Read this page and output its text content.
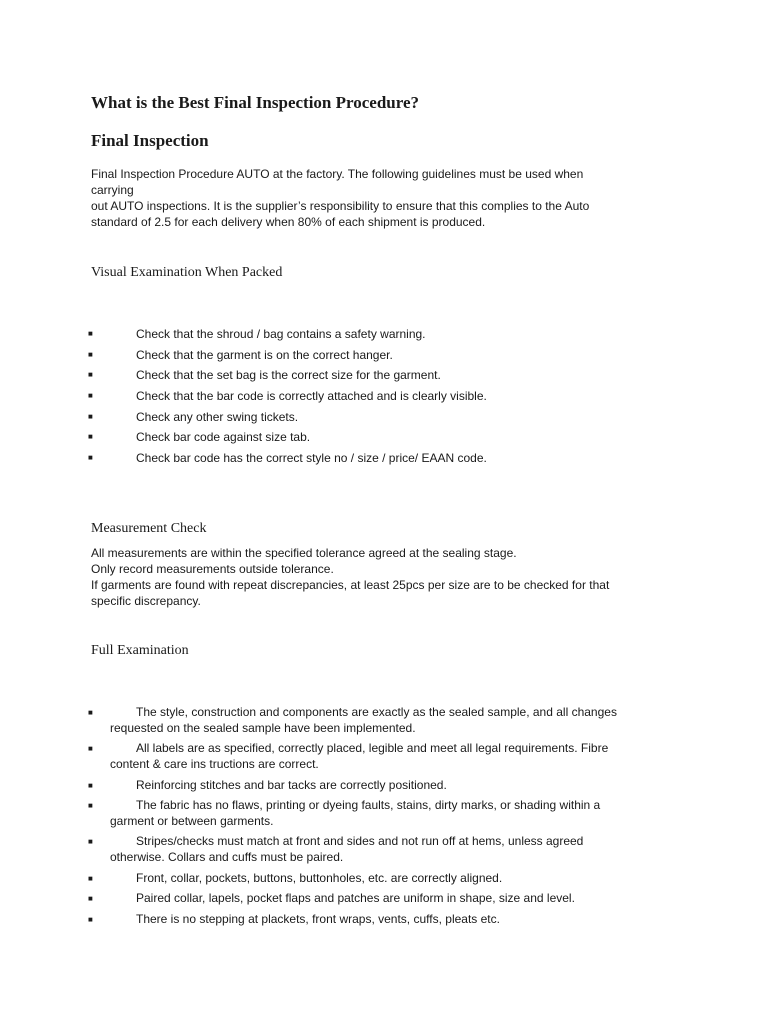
What is the Best Final Inspection Procedure?
Final Inspection
Final Inspection Procedure AUTO at the factory. The following guidelines must be used when
carrying
out AUTO inspections. It is the supplier’s responsibility to ensure that this complies to the Auto
standard of 2.5 for each delivery when 80% of each shipment is produced.
Visual Examination When Packed
■	Check that the shroud / bag contains a safety warning.
■	Check that the garment is on the correct hanger.
■	Check that the set bag is the correct size for the garment.
■	Check that the bar code is correctly attached and is clearly visible.
■	Check any other swing tickets.
■	Check bar code against size tab.
■	Check bar code has the correct style no / size / price/ EAAN code.
Measurement Check
All measurements are within the specified tolerance agreed at the sealing stage.
Only record measurements outside tolerance.
If garments are found with repeat discrepancies, at least 25pcs per size are to be checked for that
specific discrepancy.
Full Examination
■	The style, construction and components are exactly as the sealed sample, and all changes
requested on the sealed sample have been implemented.
■	All labels are as specified, correctly placed, legible and meet all legal requirements. Fibre
content & care ins tructions are correct.
■	Reinforcing stitches and bar tacks are correctly positioned.
■	The fabric has no flaws, printing or dyeing faults, stains, dirty marks, or shading within a
garment or between garments.
■	Stripes/checks must match at front and sides and not run off at hems, unless agreed
otherwise. Collars and cuffs must be paired.
■	Front, collar, pockets, buttons, buttonholes, etc. are correctly aligned.
■	Paired collar, lapels, pocket flaps and patches are uniform in shape, size and level.
■	There is no stepping at plackets, front wraps, vents, cuffs, pleats etc.
